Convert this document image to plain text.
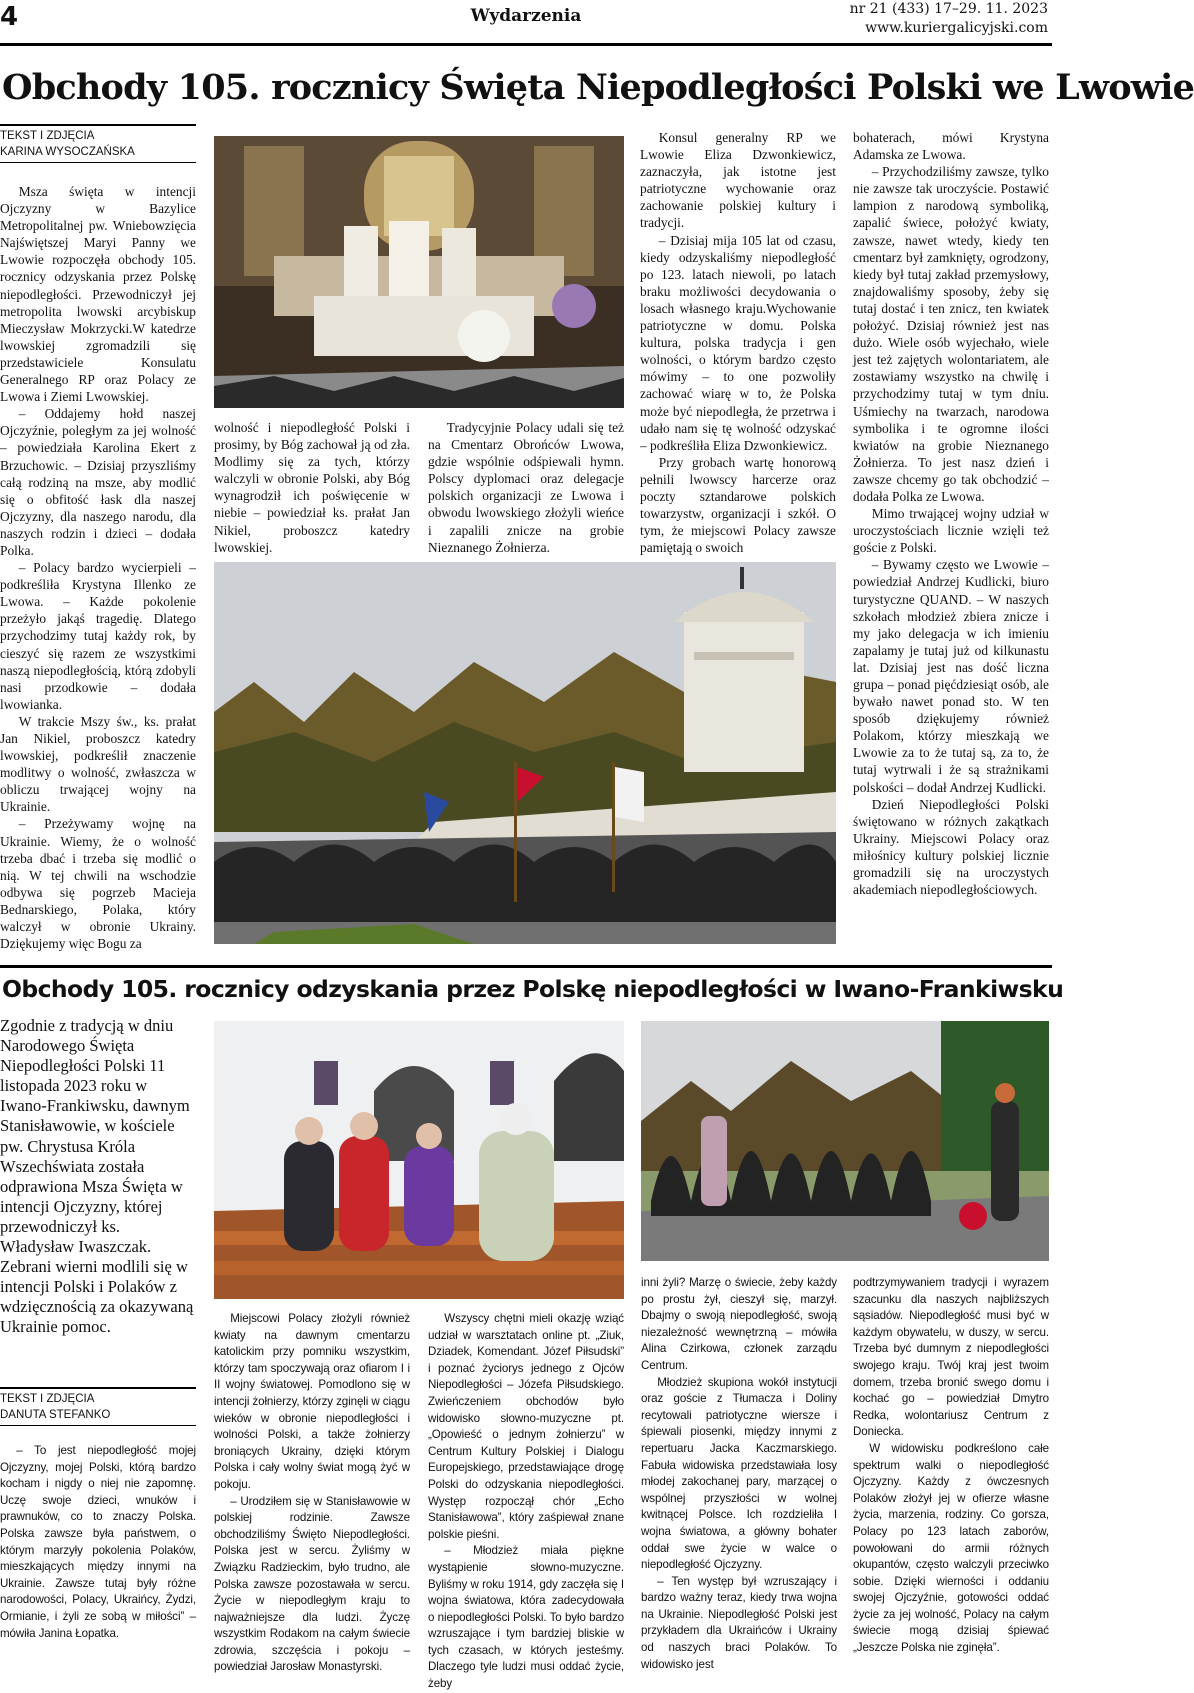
4	Wydarzenia	nr 21 (433) 17–29. 11. 2023
www.kuriergalicyjski.com
Obchody 105. rocznicy Święta Niepodległości Polski we Lwowie
TEKST I ZDJĘCIA
KARINA WYSOCZAŃSKA

Msza święta w intencji Ojczyzny w Bazylice Metropolitalnej pw. Wniebowzięcia Najświętszej Maryi Panny we Lwowie rozpoczęła obchody 105. rocznicy odzyskania przez Polskę niepodległości. Przewodniczył jej metropolita lwowski arcybiskup Mieczysław Mokrzycki.W katedrze lwowskiej zgromadzili się przedstawiciele Konsulatu Generalnego RP oraz Polacy ze Lwowa i Ziemi Lwowskiej.

– Oddajemy hołd naszej Ojczyźnie, poległym za jej wolność – powiedziała Karolina Ekert z Brzuchowic. – Dzisiaj przyszliśmy całą rodziną na msze, aby modlić się o obfitość łask dla naszej Ojczyzny, dla naszego narodu, dla naszych rodzin i dzieci – dodała Polka.

– Polacy bardzo wycierpieli – podkreśliła Krystyna Illenko ze Lwowa. – Każde pokolenie przeżyło jakąś tragedię. Dlatego przychodzimy tutaj każdy rok, by cieszyć się razem ze wszystkimi naszą niepodległością, którą zdobyli nasi przodkowie – dodała lwowianka.

W trakcie Mszy św., ks. prałat Jan Nikiel, proboszcz katedry lwowskiej, podkreślił znaczenie modlitwy o wolność, zwłaszcza w obliczu trwającej wojny na Ukrainie.

– Przeżywamy wojnę na Ukrainie. Wiemy, że o wolność trzeba dbać i trzeba się modlić o nią. W tej chwili na wschodzie odbywa się pogrzeb Macieja Bednarskiego, Polaka, który walczył w obronie Ukrainy. Dziękujemy więc Bogu za

wolność i niepodległość Polski i prosimy, by Bóg zachował ją od zła. Modlimy się za tych, którzy walczyli w obronie Polski, aby Bóg wynagrodził ich poświęcenie w niebie – powiedział ks. prałat Jan Nikiel, proboszcz katedry lwowskiej.

Tradycyjnie Polacy udali się też na Cmentarz Obrońców Lwowa, gdzie wspólnie odśpiewali hymn. Polscy dyplomaci oraz delegacje polskich organizacji ze Lwowa i obwodu lwowskiego złożyli wieńce i zapalili znicze na grobie Nieznanego Żołnierza.

Konsul generalny RP we Lwowie Eliza Dzwonkiewicz, zaznaczyła, jak istotne jest patriotyczne wychowanie oraz zachowanie polskiej kultury i tradycji.

– Dzisiaj mija 105 lat od czasu, kiedy odzyskaliśmy niepodległość po 123. latach niewoli, po latach braku możliwości decydowania o losach własnego kraju.Wychowanie patriotyczne w domu. Polska kultura, polska tradycja i gen wolności, o którym bardzo często mówimy – to one pozwoliły zachować wiarę w to, że Polska może być niepodległa, że przetrwa i udało nam się tę wolność odzyskać – podkreśliła Eliza Dzwonkiewicz.

Przy grobach wartę honorową pełnili lwowscy harcerze oraz poczty sztandarowe polskich towarzystw, organizacji i szkół. O tym, że miejscowi Polacy zawsze pamiętają o swoich

bohaterach, mówi Krystyna Adamska ze Lwowa.

– Przychodziliśmy zawsze, tylko nie zawsze tak uroczyście. Postawić lampion z narodową symboliką, zapalić świece, położyć kwiaty, zawsze, nawet wtedy, kiedy ten cmentarz był zamknięty, ogrodzony, kiedy był tutaj zakład przemysłowy, znajdowaliśmy sposoby, żeby się tutaj dostać i ten znicz, ten kwiatek położyć. Dzisiaj również jest nas dużo. Wiele osób wyjechało, wiele jest też zajętych wolontariatem, ale zostawiamy wszystko na chwilę i przychodzimy tutaj w tym dniu. Uśmiechy na twarzach, narodowa symbolika i te ogromne ilości kwiatów na grobie Nieznanego Żołnierza. To jest nasz dzień i zawsze chcemy go tak obchodzić – dodała Polka ze Lwowa.

Mimo trwającej wojny udział w uroczystościach licznie wzięli też goście z Polski.

– Bywamy często we Lwowie – powiedział Andrzej Kudlicki, biuro turystyczne QUAND. – W naszych szkołach młodzież zbiera znicze i my jako delegacja w ich imieniu zapalamy je tutaj już od kilkunastu lat. Dzisiaj jest nas dość liczna grupa – ponad pięćdziesiąt osób, ale bywało nawet ponad sto. W ten sposób dziękujemy również Polakom, którzy mieszkają we Lwowie za to że tutaj są, za to, że tutaj wytrwali i że są strażnikami polskości – dodał Andrzej Kudlicki.

Dzień Niepodległości Polski świętowano w różnych zakątkach Ukrainy. Miejscowi Polacy oraz miłośnicy kultury polskiej licznie gromadzili się na uroczystych akademiach niepodległościowych.

Obchody 105. rocznicy odzyskania przez Polskę niepodległości w Iwano-Frankiwsku
Zgodnie z tradycją w dniu Narodowego Święta Niepodległości Polski 11 listopada 2023 roku w Iwano-Frankiwsku, dawnym Stanisławowie, w kościele pw. Chrystusa Króla Wszechświata została odprawiona Msza Święta w intencji Ojczyzny, której przewodniczył ks. Władysław Iwaszczak. Zebrani wierni modlili się w intencji Polski i Polaków z wdzięcznością za okazywaną Ukrainie pomoc.
TEKST I ZDJĘCIA
DANUTA STEFANKO

– To jest niepodległość mojej Ojczyzny, mojej Polski, którą bardzo kocham i nigdy o niej nie zapomnę. Uczę swoje dzieci, wnuków i prawnuków, co to znaczy Polska. Polska zawsze była państwem, o którym marzyły pokolenia Polaków, mieszkających między innymi na Ukrainie. Zawsze tutaj były różne narodowości, Polacy, Ukraińcy, Żydzi, Ormianie, i żyli ze sobą w miłości” – mówiła Janina Łopatka.

Miejscowi Polacy złożyli również kwiaty na dawnym cmentarzu katolickim przy pomniku wszystkim, którzy tam spoczywają oraz ofiarom I i II wojny światowej. Pomodlono się w intencji żołnierzy, którzy zginęli w ciągu wieków w obronie niepodległości i wolności Polski, a także żołnierzy broniących Ukrainy, dzięki którym Polska i cały wolny świat mogą żyć w pokoju.

– Urodziłem się w Stanisławowie w polskiej rodzinie. Zawsze obchodziliśmy Święto Niepodległości. Polska jest w sercu. Żyliśmy w Związku Radzieckim, było trudno, ale Polska zawsze pozostawała w sercu. Życie w niepodległym kraju to najważniejsze dla ludzi. Życzę wszystkim Rodakom na całym świecie zdrowia, szczęścia i pokoju – powiedział Jarosław Monastyrski.

Wszyscy chętni mieli okazję wziąć udział w warsztatach online pt. „Ziuk, Dziadek, Komendant. Józef Piłsudski” i poznać życiorys jednego z Ojców Niepodległości – Józefa Piłsudskiego. Zwieńczeniem obchodów było widowisko słowno-muzyczne pt. „Opowieść o jednym żołnierzu” w Centrum Kultury Polskiej i Dialogu Europejskiego, przedstawiające drogę Polski do odzyskania niepodległości. Występ rozpoczął chór „Echo Stanisławowa”, który zaśpiewał znane polskie pieśni.

– Młodzież miała piękne wystąpienie słowno-muzyczne. Byliśmy w roku 1914, gdy zaczęła się I wojna światowa, która zadecydowała o niepodległości Polski. To było bardzo wzruszające i tym bardziej bliskie w tych czasach, w których jesteśmy. Dlaczego tyle ludzi musi oddać życie, żeby

inni żyli? Marzę o świecie, żeby każdy po prostu żył, cieszył się, marzył. Dbajmy o swoją niepodległość, swoją niezależność wewnętrzną – mówiła Alina Czirkowa, członek zarządu Centrum.

Młodzież skupiona wokół instytucji oraz goście z Tłumacza i Doliny recytowali patriotyczne wiersze i śpiewali piosenki, między innymi z repertuaru Jacka Kaczmarskiego. Fabuła widowiska przedstawiała losy młodej zakochanej pary, marzącej o wspólnej przyszłości w wolnej kwitnącej Polsce. Ich rozdzieliła I wojna światowa, a główny bohater oddał swe życie w walce o niepodległość Ojczyzny.

– Ten występ był wzruszający i bardzo ważny teraz, kiedy trwa wojna na Ukrainie. Niepodległość Polski jest przykładem dla Ukraińców i Ukrainy od naszych braci Polaków. To widowisko jest

podtrzymywaniem tradycji i wyrazem szacunku dla naszych najbliższych sąsiadów. Niepodległość musi być w każdym obywatelu, w duszy, w sercu. Trzeba być dumnym z niepodległości swojego kraju. Twój kraj jest twoim domem, trzeba bronić swego domu i kochać go – powiedział Dmytro Redka, wolontariusz Centrum z Doniecka.

W widowisku podkreślono całe spektrum walki o niepodległość Ojczyzny. Każdy z ówczesnych Polaków złożył jej w ofierze własne życia, marzenia, rodziny. Co gorsza, Polacy po 123 latach zaborów, powołowani do armii różnych okupantów, często walczyli przeciwko sobie. Dzięki wierności i oddaniu swojej Ojczyźnie, gotowości oddać życie za jej wolność, Polacy na całym świecie mogą dzisiaj śpiewać „Jeszcze Polska nie zginęła”.
